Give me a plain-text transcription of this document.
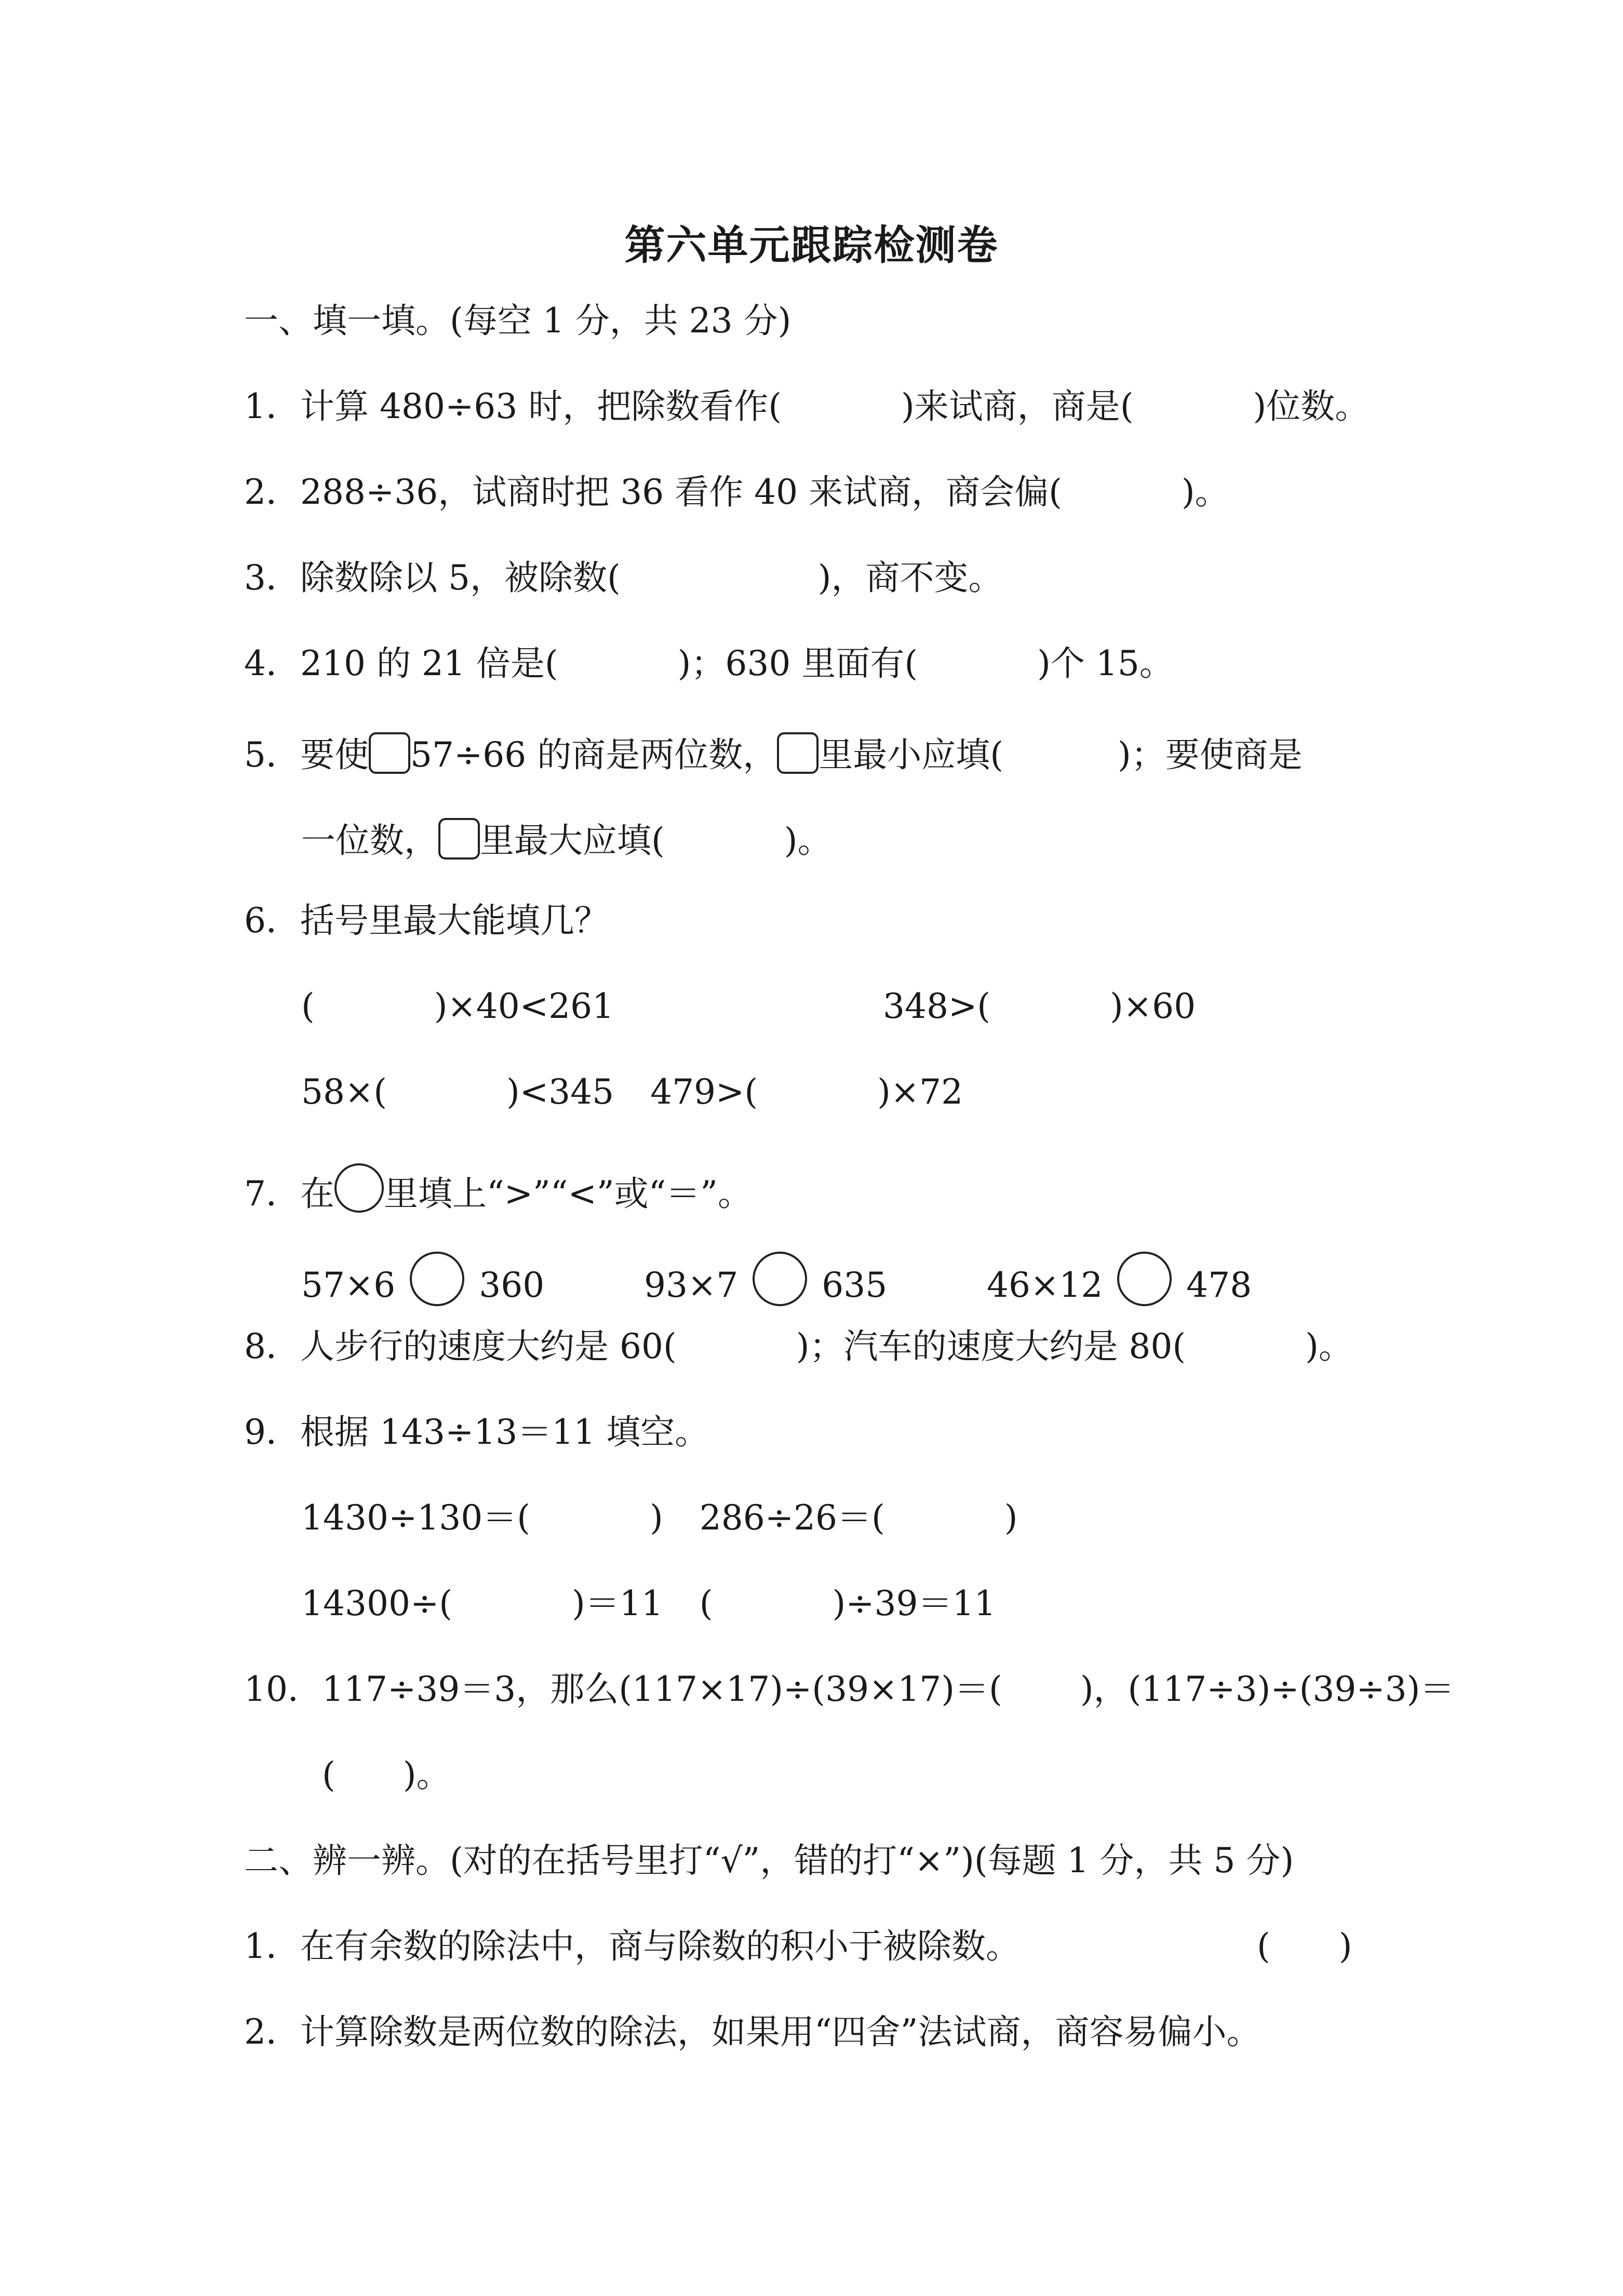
第六单元跟踪检测卷
一、填一填。(每空 1 分，共 23 分)
1．计算 480÷63 时，把除数看作(	)来试商，商是(	)位数。
2．288÷36，试商时把 36 看作 40 来试商，商会偏(	)。
3．除数除以 5，被除数(	)，商不变。
4．210 的 21 倍是(	)；630 里面有(	)个 15。
5．要使 57÷66 的商是两位数， 里最小应填(	)；要使商是
一位数， 里最大应填(	)。
6．括号里最大能填几？
(	)×40<261	348>(	)×60
58×(	)<345 479>(	)×72
7．在 里填上“>”“<”或“＝”。
57×6 360	93×7 635	46×12 478
8．人步行的速度大约是 60(	)；汽车的速度大约是 80(	)。
9．根据 143÷13＝11 填空。
1430÷130＝(	) 286÷26＝(	)
14300÷(	)＝11 (	)÷39＝11
10．117÷39＝3，那么(117×17)÷(39×17)＝( )，(117÷3)÷(39÷3)＝
( )。
二、辨一辨。(对的在括号里打“√”，错的打“×”)(每题 1 分，共 5 分)
1．在有余数的除法中，商与除数的积小于被除数。	(　　)
2．计算除数是两位数的除法，如果用“四舍”法试商，商容易偏小。
